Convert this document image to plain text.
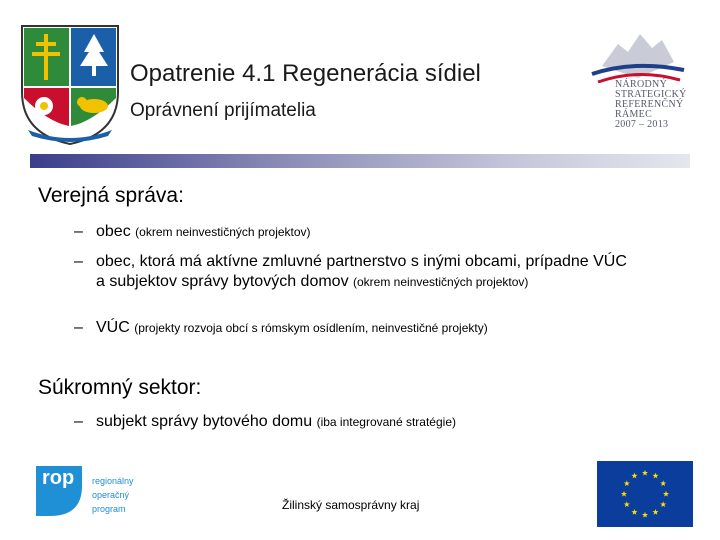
Opatrenie 4.1 Regenerácia sídiel
Oprávnení prijímatelia
NÁRODNÝ
STRATEGICKÝ
REFERENČNÝ
RÁMEC
2007 – 2013
Verejná správa:
– obec (okrem neinvestičných projektov)
– obec, ktorá má aktívne zmluvné partnerstvo s inými obcami, prípadne VÚC a subjektov správy bytových domov (okrem neinvestičných projektov)
– VÚC (projekty rozvoja obcí s rómskym osídlením, neinvestičné projekty)
Súkromný sektor:
– subjekt správy bytového domu (iba integrované stratégie)
rop regionálny
operačný
program	Žilinský samosprávny kraj
